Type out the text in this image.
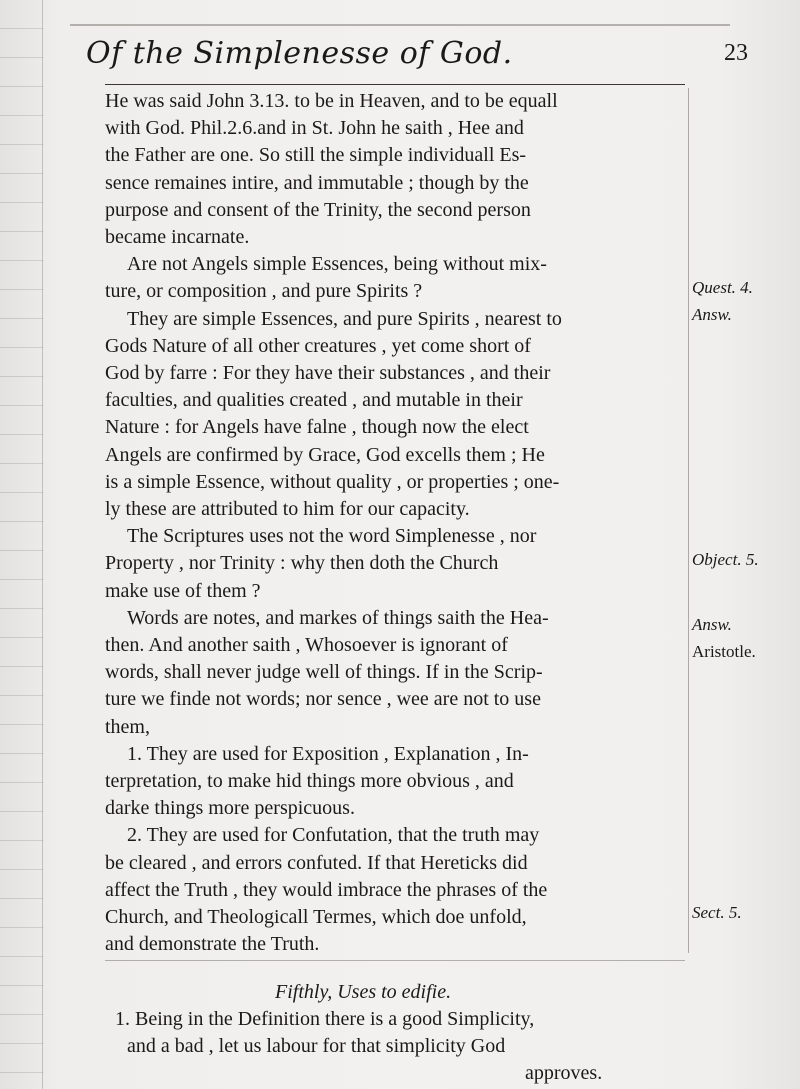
Of the Simplenesse of God.	23
He was said John 3.13. to be in Heaven, and to be equall
with God. Phil.2.6.and in St. John he saith , Hee and
the Father are one. So still the simple individuall Es-
sence remaines intire, and immutable ; though by the
purpose and consent of the Trinity, the second person
became incarnate.
Are not Angels simple Essences, being without mix-
ture, or composition , and pure Spirits ?
They are simple Essences, and pure Spirits , nearest to
Gods Nature of all other creatures , yet come short of
God by farre : For they have their substances , and their
faculties, and qualities created , and mutable in their
Nature : for Angels have falne , though now the elect
Angels are confirmed by Grace, God excells them ; He
is a simple Essence, without quality , or properties ; one-
ly these are attributed to him for our capacity.
The Scriptures uses not the word Simplenesse , nor
Property , nor Trinity : why then doth the Church
make use of them ?
Words are notes, and markes of things saith the Hea-
then. And another saith , Whosoever is ignorant of
words, shall never judge well of things. If in the Scrip-
ture we finde not words; nor sence , wee are not to use
them,
1. They are used for Exposition , Explanation , In-
terpretation, to make hid things more obvious , and
darke things more perspicuous.
2. They are used for Confutation, that the truth may
be cleared , and errors confuted. If that Hereticks did
affect the Truth , they would imbrace the phrases of the
Church, and Theologicall Termes, which doe unfold,
and demonstrate the Truth.
Fifthly, Uses to edifie.
1. Being in the Definition there is a good Simplicity,
and a bad , let us labour for that simplicity God
approves.
Quest. 4.
Answ.
Object. 5.
Answ.
Aristotle.
Sect. 5.
